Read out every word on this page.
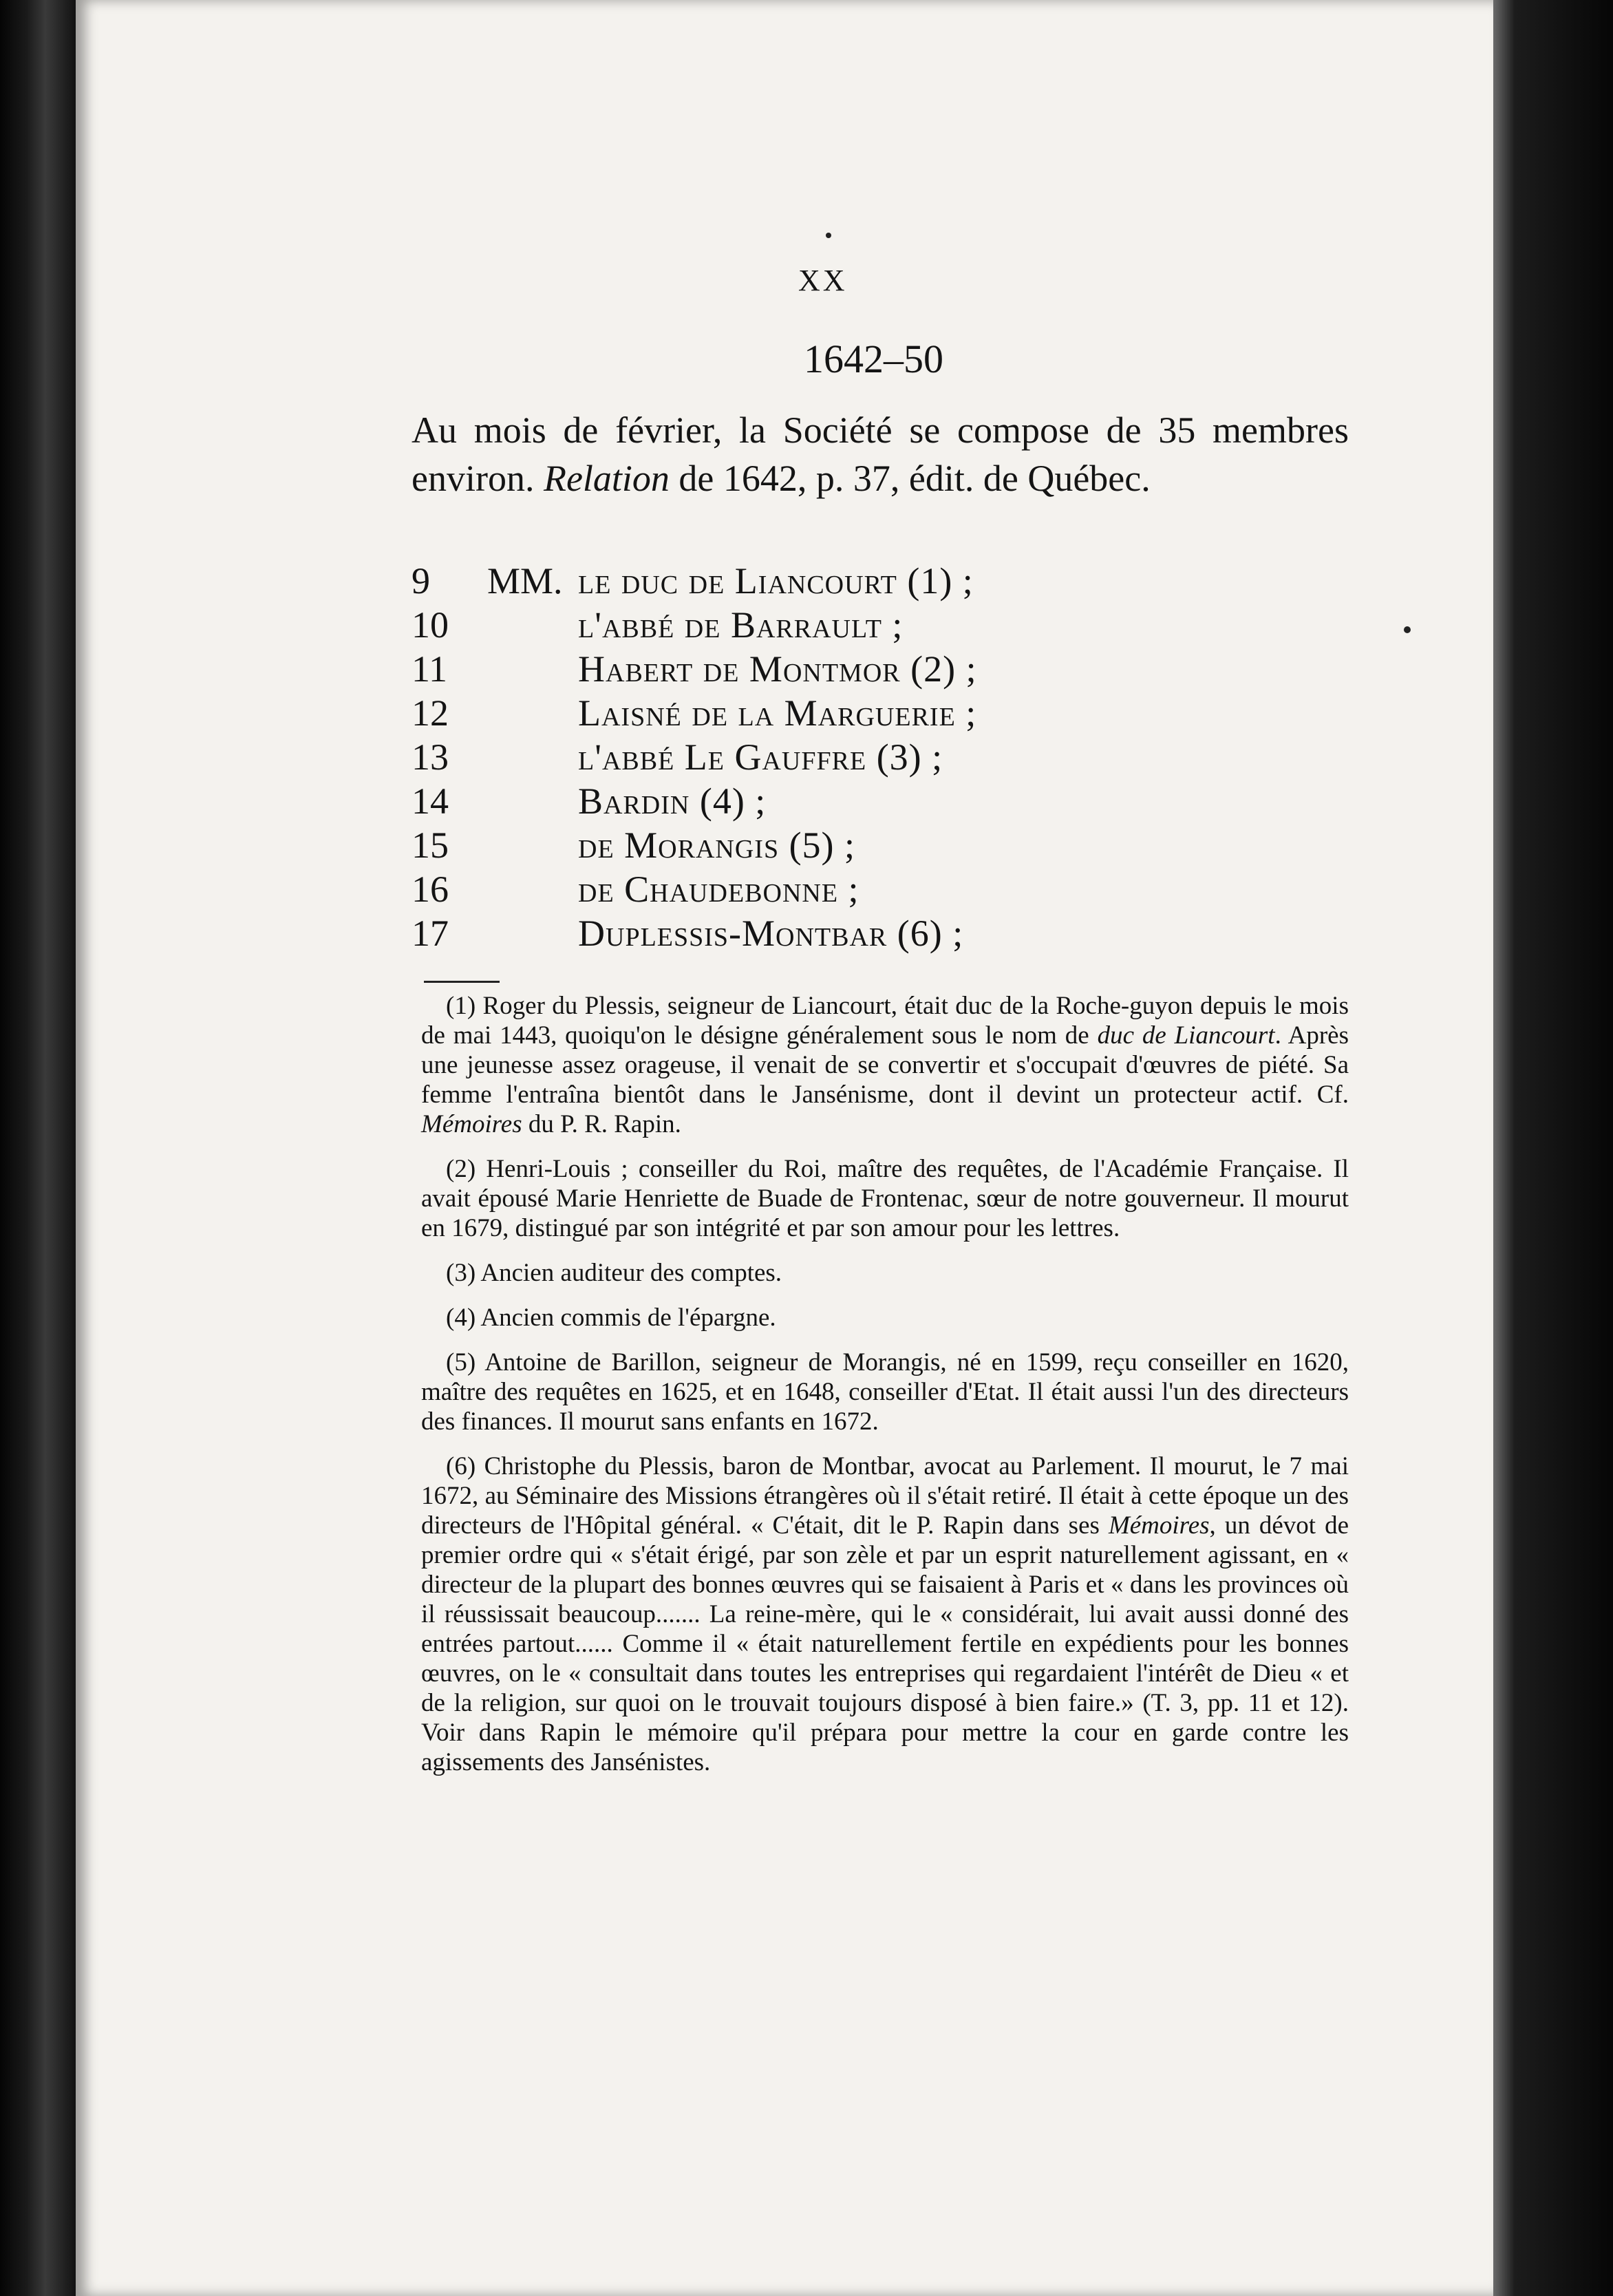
XX
1642–50
Au mois de février, la Société se compose de 35 membres environ. Relation de 1642, p. 37, édit. de Québec.
9	MM. le duc de Liancourt (1) ;
10	l'abbé de Barrault ;
11	Habert de Montmor (2) ;
12	Laisné de la Marguerie ;
13	l'abbé Le Gauffre (3) ;
14	Bardin (4) ;
15	de Morangis (5) ;
16	de Chaudebonne ;
17	Duplessis-Montbar (6) ;

(1) Roger du Plessis, seigneur de Liancourt, était duc de la Roche-guyon depuis le mois de mai 1443, quoiqu'on le désigne généralement sous le nom de duc de Liancourt. Après une jeunesse assez orageuse, il venait de se convertir et s'occupait d'œuvres de piété. Sa femme l'entraîna bientôt dans le Jansénisme, dont il devint un protecteur actif. Cf. Mémoires du P. R. Rapin.

(2) Henri-Louis ; conseiller du Roi, maître des requêtes, de l'Académie Française. Il avait épousé Marie Henriette de Buade de Frontenac, sœur de notre gouverneur. Il mourut en 1679, distingué par son intégrité et par son amour pour les lettres.

(3) Ancien auditeur des comptes.

(4) Ancien commis de l'épargne.

(5) Antoine de Barillon, seigneur de Morangis, né en 1599, reçu conseiller en 1620, maître des requêtes en 1625, et en 1648, conseiller d'Etat. Il était aussi l'un des directeurs des finances. Il mourut sans enfants en 1672.

(6) Christophe du Plessis, baron de Montbar, avocat au Parlement. Il mourut, le 7 mai 1672, au Séminaire des Missions étrangères où il s'était retiré. Il était à cette époque un des directeurs de l'Hôpital général. « C'était, dit le P. Rapin dans ses Mémoires, un dévot de premier ordre qui « s'était érigé, par son zèle et par un esprit naturellement agissant, en « directeur de la plupart des bonnes œuvres qui se faisaient à Paris et « dans les provinces où il réussissait beaucoup....... La reine-mère, qui le « considérait, lui avait aussi donné des entrées partout...... Comme il « était naturellement fertile en expédients pour les bonnes œuvres, on le « consultait dans toutes les entreprises qui regardaient l'intérêt de Dieu « et de la religion, sur quoi on le trouvait toujours disposé à bien faire.» (T. 3, pp. 11 et 12). Voir dans Rapin le mémoire qu'il prépara pour mettre la cour en garde contre les agissements des Jansénistes.
